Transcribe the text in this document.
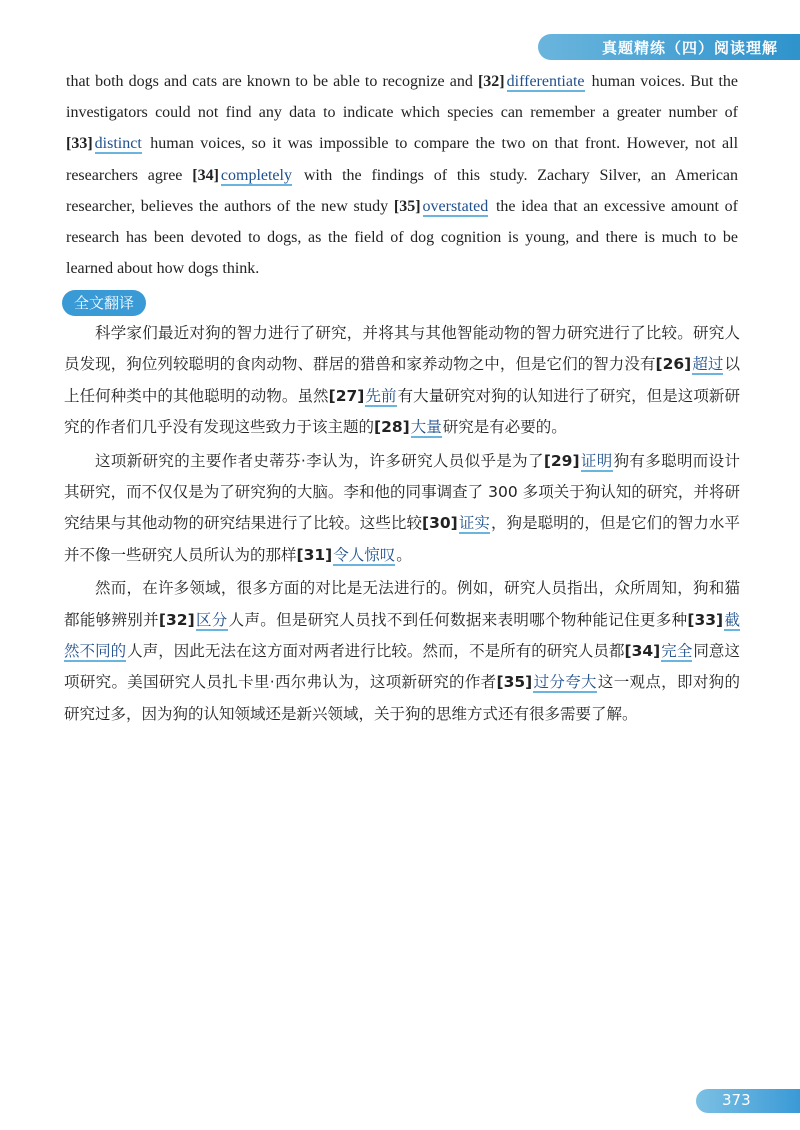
真题精练（四）阅读理解
that both dogs and cats are known to be able to recognize and [32] differentiate human voices. But the investigators could not find any data to indicate which species can remember a greater number of [33] distinct human voices, so it was impossible to compare the two on that front. However, not all researchers agree [34] completely with the findings of this study. Zachary Silver, an American researcher, believes the authors of the new study [35] overstated the idea that an excessive amount of research has been devoted to dogs, as the field of dog cognition is young, and there is much to be learned about how dogs think.
全文翻译

科学家们最近对狗的智力进行了研究，并将其与其他智能动物的智力研究进行了比较。研究人员发现，狗位列较聪明的食肉动物、群居的猎兽和家养动物之中，但是它们的智力没有[26]超过以上任何种类中的其他聪明的动物。虽然[27]先前有大量研究对狗的认知进行了研究，但是这项新研究的作者们几乎没有发现这些致力于该主题的[28]大量研究是有必要的。

这项新研究的主要作者史蒂芬·李认为，许多研究人员似乎是为了[29]证明狗有多聪明而设计其研究，而不仅仅是为了研究狗的大脑。李和他的同事调查了 300 多项关于狗认知的研究，并将研究结果与其他动物的研究结果进行了比较。这些比较[30]证实，狗是聪明的，但是它们的智力水平并不像一些研究人员所认为的那样[31]令人惊叹。

然而，在许多领域，很多方面的对比是无法进行的。例如，研究人员指出，众所周知，狗和猫都能够辨别并[32]区分人声。但是研究人员找不到任何数据来表明哪个物种能记住更多种[33]截然不同的人声，因此无法在这方面对两者进行比较。然而，不是所有的研究人员都[34]完全同意这项研究。美国研究人员扎卡里·西尔弗认为，这项新研究的作者[35]过分夸大这一观点，即对狗的研究过多，因为狗的认知领域还是新兴领域，关于狗的思维方式还有很多需要了解。

373
